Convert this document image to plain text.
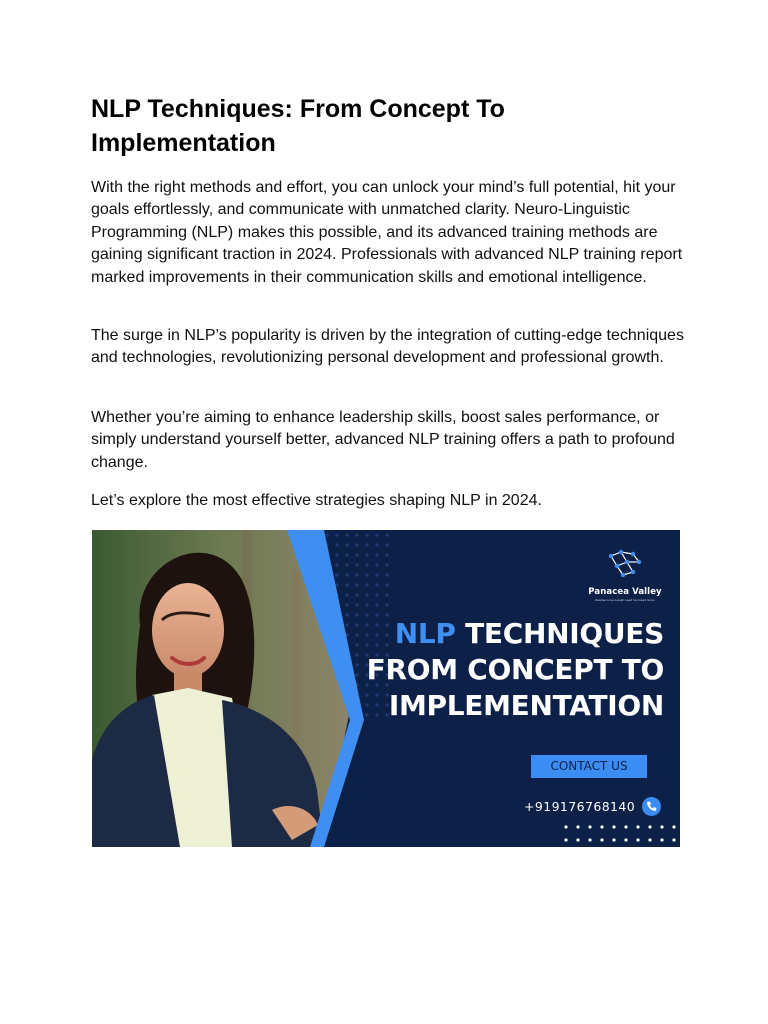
NLP Techniques: From Concept To
Implementation

With the right methods and effort, you can unlock your mind’s full potential, hit your goals effortlessly, and communicate with unmatched clarity. Neuro-Linguistic Programming (NLP) makes this possible, and its advanced training methods are gaining significant traction in 2024. Professionals with advanced NLP training report marked improvements in their communication skills and emotional intelligence.

The surge in NLP’s popularity is driven by the integration of cutting-edge techniques and technologies, revolutionizing personal development and professional growth.

Whether you’re aiming to enhance leadership skills, boost sales performance, or simply understand yourself better, advanced NLP training offers a path to profound change.

Let’s explore the most effective strategies shaping NLP in 2024.

Panacea Valley
Realise Love Laugh Lead Succeed Grow
NLP TECHNIQUES
FROM CONCEPT TO
IMPLEMENTATION
CONTACT US
+919176768140
